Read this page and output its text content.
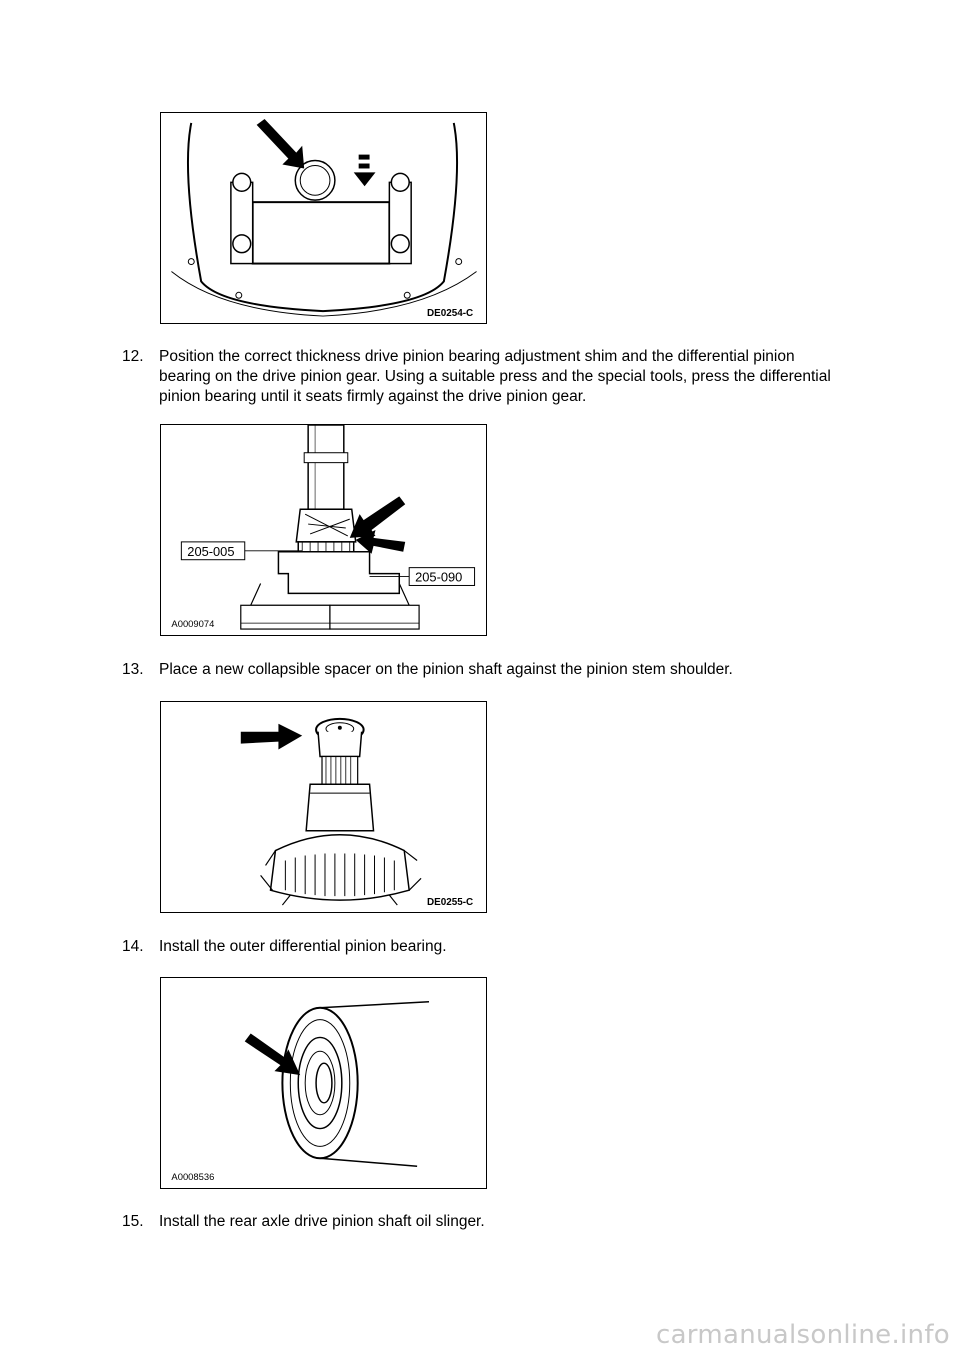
DE0254-C
12. Position the correct thickness drive pinion bearing adjustment shim and the differential pinion bearing on the drive pinion gear. Using a suitable press and the special tools, press the differential pinion bearing until it seats firmly against the drive pinion gear.
205-005
205-090
A0009074
13. Place a new collapsible spacer on the pinion shaft against the pinion stem shoulder.
DE0255-C
14. Install the outer differential pinion bearing.
A0008536
15. Install the rear axle drive pinion shaft oil slinger.
carmanualsonline.info
